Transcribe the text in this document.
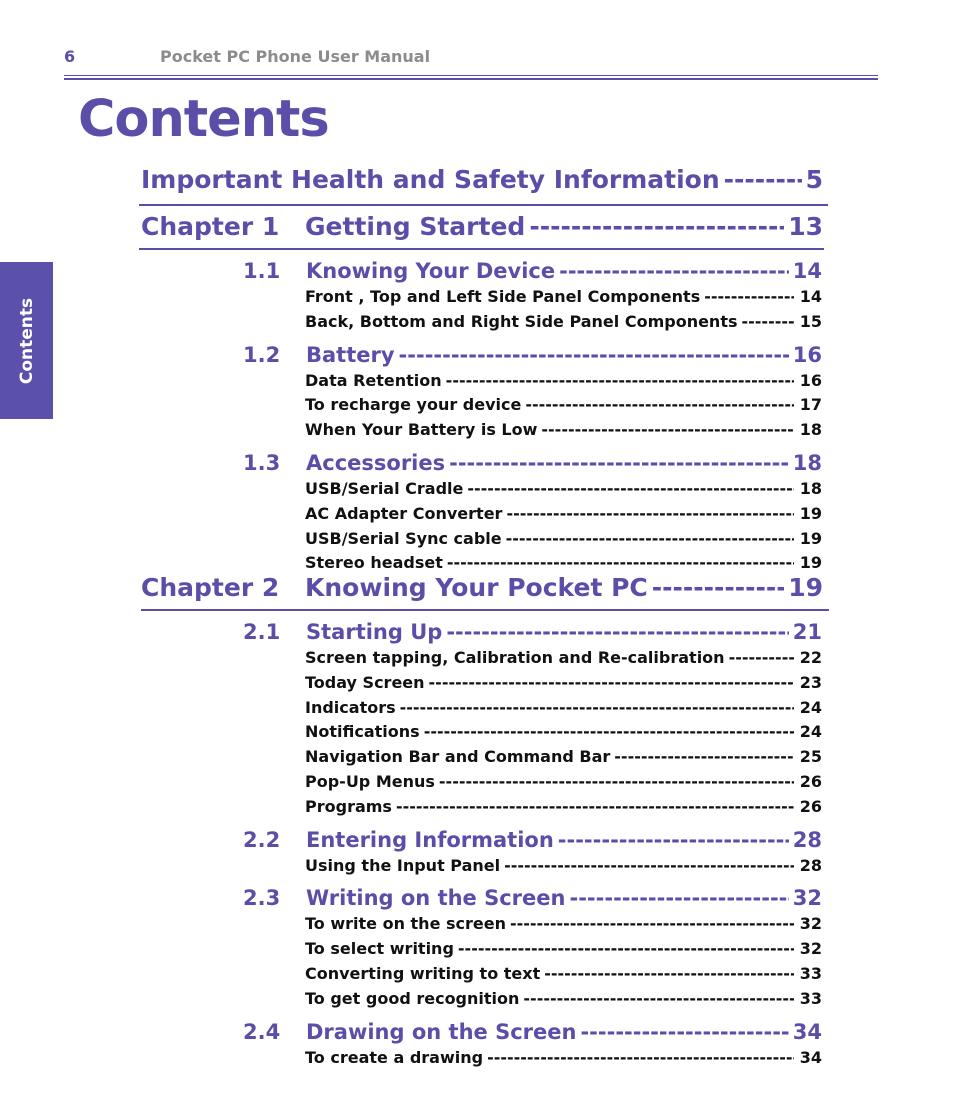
6	Pocket PC Phone User Manual
Contents
Contents
Important Health and Safety Information -----	5
Chapter 1	Getting Started -----	13
1.1	Knowing Your Device -----	14
Front , Top and Left Side Panel Components -----	14
Back, Bottom and Right Side Panel Components -----	15
1.2	Battery -----	16
Data Retention -----	16
To recharge your device -----	17
When Your Battery is Low -----	18
1.3	Accessories -----	18
USB/Serial Cradle -----	18
AC Adapter Converter -----	19
USB/Serial Sync cable -----	19
Stereo headset -----	19
Chapter 2	Knowing Your Pocket PC -----	19
2.1	Starting Up -----	21
Screen tapping, Calibration and Re-calibration -----	22
Today Screen -----	23
Indicators -----	24
Notifications -----	24
Navigation Bar and Command Bar -----	25
Pop-Up Menus -----	26
Programs -----	26
2.2	Entering Information -----	28
Using the Input Panel -----	28
2.3	Writing on the Screen -----	32
To write on the screen -----	32
To select writing -----	32
Converting writing to text -----	33
To get good recognition -----	33
2.4	Drawing on the Screen -----	34
To create a drawing -----	34
